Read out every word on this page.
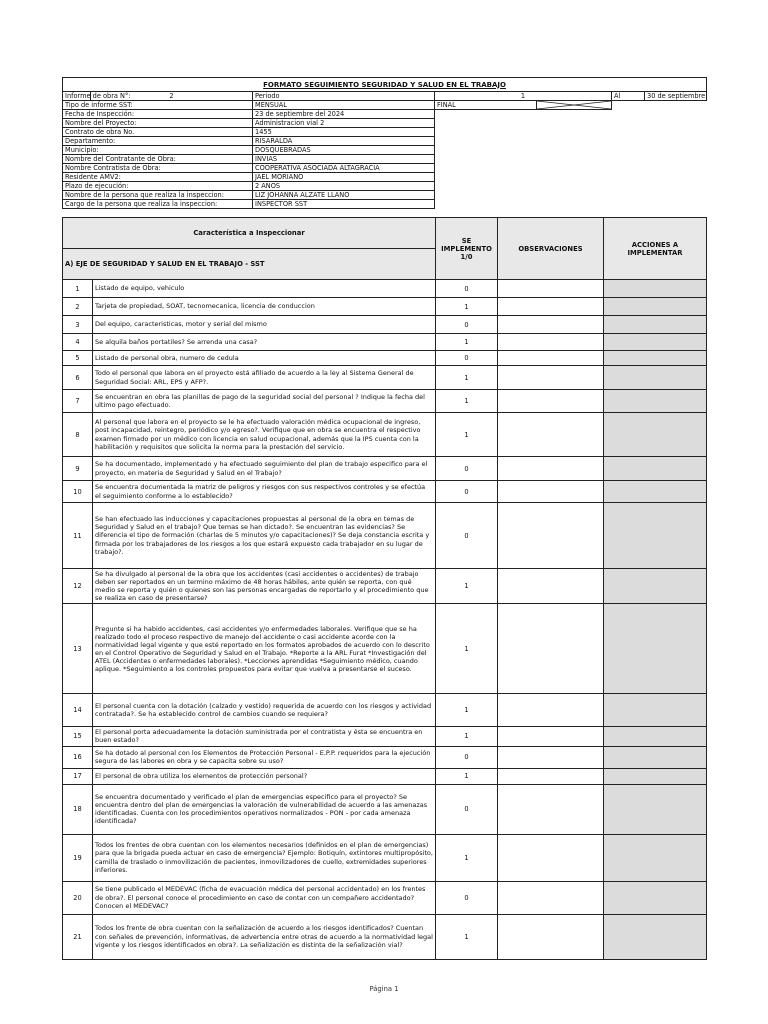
FORMATO SEGUIMIENTO SEGURIDAD Y SALUD EN EL TRABAJO						
Informe de obra N°:	2	Periodo	1		Al	30 de septiembre
Tipo de informe SST:		MENSUAL	FINAL	

Fecha de Inspección:		23 de septiembre del 2024				
Nombre del Proyecto:		Administracion vial 2				
Contrato de obra No.		1455				
Departamento:		RISARALDA				
Municipio:		DOSQUEBRADAS				
Nombre del Contratante de Obra:		INVIAS				
Nombre Contratista de Obra:		COOPERATIVA ASOCIADA ALTAGRACIA				
Residente AMV2:		JAEL MORIANO				
Plazo de ejecución:		2 AÑOS				
Nombre de la persona que realiza la inspeccion:		LIZ JOHANNA ALZATE LLANO				
Cargo de la persona que realiza la inspeccion:		INSPECTOR SST				
Característica a Inspeccionar		SE IMPLEMENTO 1/0	OBSERVACIONES	ACCIONES A IMPLEMENTAR
A) EJE DE SEGURIDAD Y SALUD EN EL TRABAJO - SST				
1	Listado de equipo, vehiculo	0		
2	Tarjeta de propiedad, SOAT, tecnomecanica, licencia de conduccion	1		
3	Del equipo, caracteristicas, motor y serial del mismo	0		
4	Se alquila baños portatiles? Se arrenda una casa?	1		
5	Listado de personal obra, numero de cedula	0		
6	Todo el personal que labora en el proyecto está afiliado de acuerdo a la ley al Sistema General de Seguridad Social: ARL, EPS y AFP?.	1		
7	Se encuentran en obra las planillas de pago de la seguridad social del personal ? Indique la fecha del ultimo pago efectuado.	1		
8	Al personal que labora en el proyecto se le ha efectuado valoración médica ocupacional de ingreso, post incapacidad, reintegro, periódico y/o egreso?. Verifique que en obra se encuentra el respectivo examen firmado por un médico con licencia en salud ocupacional, además que la IPS cuenta con la habilitación y requisitos que solicita la norma para la prestación del servicio.	1		
9	Se ha documentado, implementado y ha efectuado seguimiento del plan de trabajo especifico para el proyecto, en materia de Seguridad y Salud en el Trabajo?	0		
10	Se encuentra documentada la matriz de peligros y riesgos con sus respectivos controles y se efectúa el seguimiento conforme a lo establecido?	0		
11	Se han efectuado las inducciones y capacitaciones propuestas al personal de la obra en temas de Seguridad y Salud en el trabajo? Que temas se han dictado?. Se encuentran las evidencias? Se diferencia el tipo de formación (charlas de 5 minutos y/o capacitaciones)? Se deja constancia escrita y firmada por los trabajadores de los riesgos a los que estará expuesto cada trabajador en su lugar de trabajo?.	0		
12	Se ha divulgado al personal de la obra que los accidentes (casi accidentes o accidentes) de trabajo deben ser reportados en un termino máximo de 48 horas hábiles, ante quién se reporta, con qué medio se reporta y quién o quienes son las personas encargadas de reportarlo y el procedimiento que se realiza en caso de presentarse?	1		
13	Pregunte si ha habido accidentes, casi accidentes y/o enfermedades laborales. Verifique que se ha realizado todo el proceso respectivo de manejo del accidente o casi accidente acorde con la normatividad legal vigente y que esté reportado en los formatos aprobados de acuerdo con lo descrito en el Control Operativo de Seguridad y Salud en el Trabajo. *Reporte a la ARL Furat *Investigación del ATEL (Accidentes o enfermedades laborales). *Lecciones aprendidas *Seguimiento médico, cuando aplique. *Seguimiento a los controles propuestos para evitar que vuelva a presentarse el suceso.	1		
14	El personal cuenta con la dotación (calzado y vestido) requerida de acuerdo con los riesgos y actividad contratada?. Se ha establecido control de cambios cuando se requiera?	1		
15	El personal porta adecuadamente la dotación suministrada por el contratista y ésta se encuentra en buen estado?	1		
16	Se ha dotado al personal con los Elementos de Protección Personal - E.P.P. requeridos para la ejecución segura de las labores en obra y se capacita sobre su uso?	0		
17	El personal de obra utiliza los elementos de protección personal?	1		
18	Se encuentra documentado y verificado el plan de emergencias especifico para el proyecto? Se encuentra dentro del plan de emergencias la valoración de vulnerabilidad de acuerdo a las amenazas identificadas. Cuenta con los procedimientos operativos normalizados - PON - por cada amenaza identificada?	0		
19	Todos los frentes de obra cuentan con los elementos necesarios (definidos en el plan de emergencias) para que la brigada pueda actuar en caso de emergencia? Ejemplo: Botiquín, extintores multipropósito, camilla de traslado o inmovilización de pacientes, inmovilizadores de cuello, extremidades superiores inferiores.	1		
20	Se tiene publicado el MEDEVAC (ficha de evacuación médica del personal accidentado) en los frentes de obra?. El personal conoce el procedimiento en caso de contar con un compañero accidentado? Conocen el MEDEVAC?	0		
21	Todos los frente de obra cuentan con la señalización de acuerdo a los riesgos identificados? Cuentan con señales de prevención, informativas, de advertencia entre otras de acuerdo a la normatividad legal vigente y los riesgos identificados en obra?. La señalización es distinta de la señalización vial?	1		
Página 1
